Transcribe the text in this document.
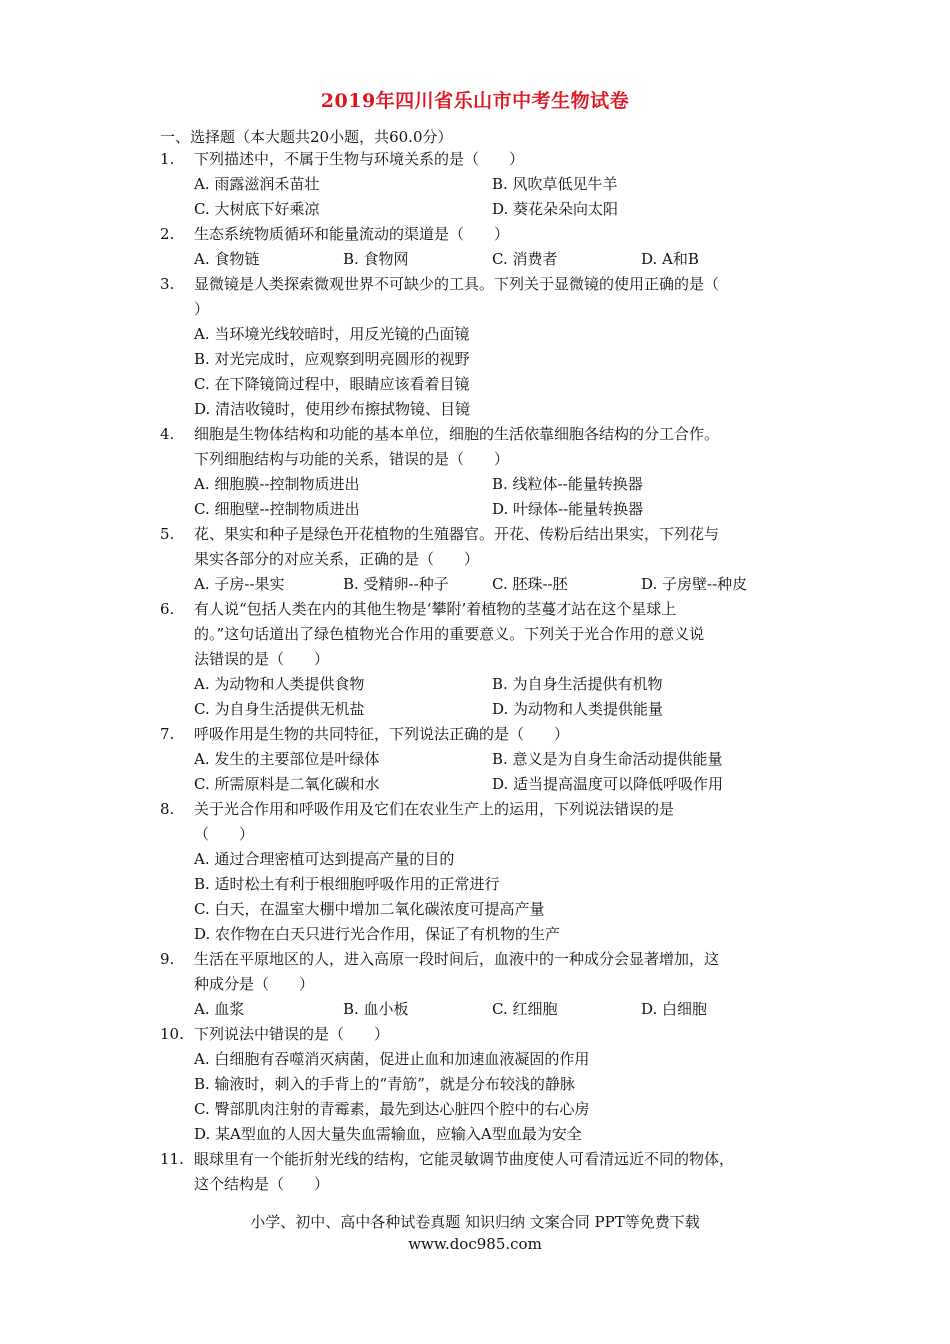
2019年四川省乐山市中考生物试卷
一、选择题（本大题共20小题，共60.0分）
1.	下列描述中，不属于生物与环境关系的是（　　）
A. 雨露滋润禾苗壮	B. 风吹草低见牛羊
C. 大树底下好乘凉	D. 葵花朵朵向太阳
2.	生态系统物质循环和能量流动的渠道是（　　）
A. 食物链	B. 食物网	C. 消费者	D. A和B
3.	显微镜是人类探索微观世界不可缺少的工具。下列关于显微镜的使用正确的是（
）
A. 当环境光线较暗时，用反光镜的凸面镜
B. 对光完成时，应观察到明亮圆形的视野
C. 在下降镜筒过程中，眼睛应该看着目镜
D. 清洁收镜时，使用纱布擦拭物镜、目镜
4.	细胞是生物体结构和功能的基本单位，细胞的生活依靠细胞各结构的分工合作。
下列细胞结构与功能的关系，错误的是（　　）
A. 细胞膜--控制物质进出	B. 线粒体--能量转换器
C. 细胞壁--控制物质进出	D. 叶绿体--能量转换器
5.	花、果实和种子是绿色开花植物的生殖器官。开花、传粉后结出果实，下列花与
果实各部分的对应关系，正确的是（　　）
A. 子房--果实	B. 受精卵--种子	C. 胚珠--胚	D. 子房壁--种皮
6.	有人说“包括人类在内的其他生物是‘攀附’着植物的茎蔓才站在这个星球上
的。”这句话道出了绿色植物光合作用的重要意义。下列关于光合作用的意义说
法错误的是（　　）
A. 为动物和人类提供食物	B. 为自身生活提供有机物
C. 为自身生活提供无机盐	D. 为动物和人类提供能量
7.	呼吸作用是生物的共同特征，下列说法正确的是（　　）
A. 发生的主要部位是叶绿体	B. 意义是为自身生命活动提供能量
C. 所需原料是二氧化碳和水	D. 适当提高温度可以降低呼吸作用
8.	关于光合作用和呼吸作用及它们在农业生产上的运用，下列说法错误的是
（　　）
A. 通过合理密植可达到提高产量的目的
B. 适时松土有利于根细胞呼吸作用的正常进行
C. 白天，在温室大棚中增加二氧化碳浓度可提高产量
D. 农作物在白天只进行光合作用，保证了有机物的生产
9.	生活在平原地区的人，进入高原一段时间后，血液中的一种成分会显著增加，这
种成分是（　　）
A. 血浆	B. 血小板	C. 红细胞	D. 白细胞
10. 下列说法中错误的是（　　）
A. 白细胞有吞噬消灭病菌，促进止血和加速血液凝固的作用
B. 输液时，刺入的手背上的“青筋”，就是分布较浅的静脉
C. 臀部肌肉注射的青霉素，最先到达心脏四个腔中的右心房
D. 某A型血的人因大量失血需输血，应输入A型血最为安全
11. 眼球里有一个能折射光线的结构，它能灵敏调节曲度使人可看清远近不同的物体，
这个结构是（　　）
小学、初中、高中各种试卷真题 知识归纳 文案合同 PPT等免费下载
www.doc985.com
